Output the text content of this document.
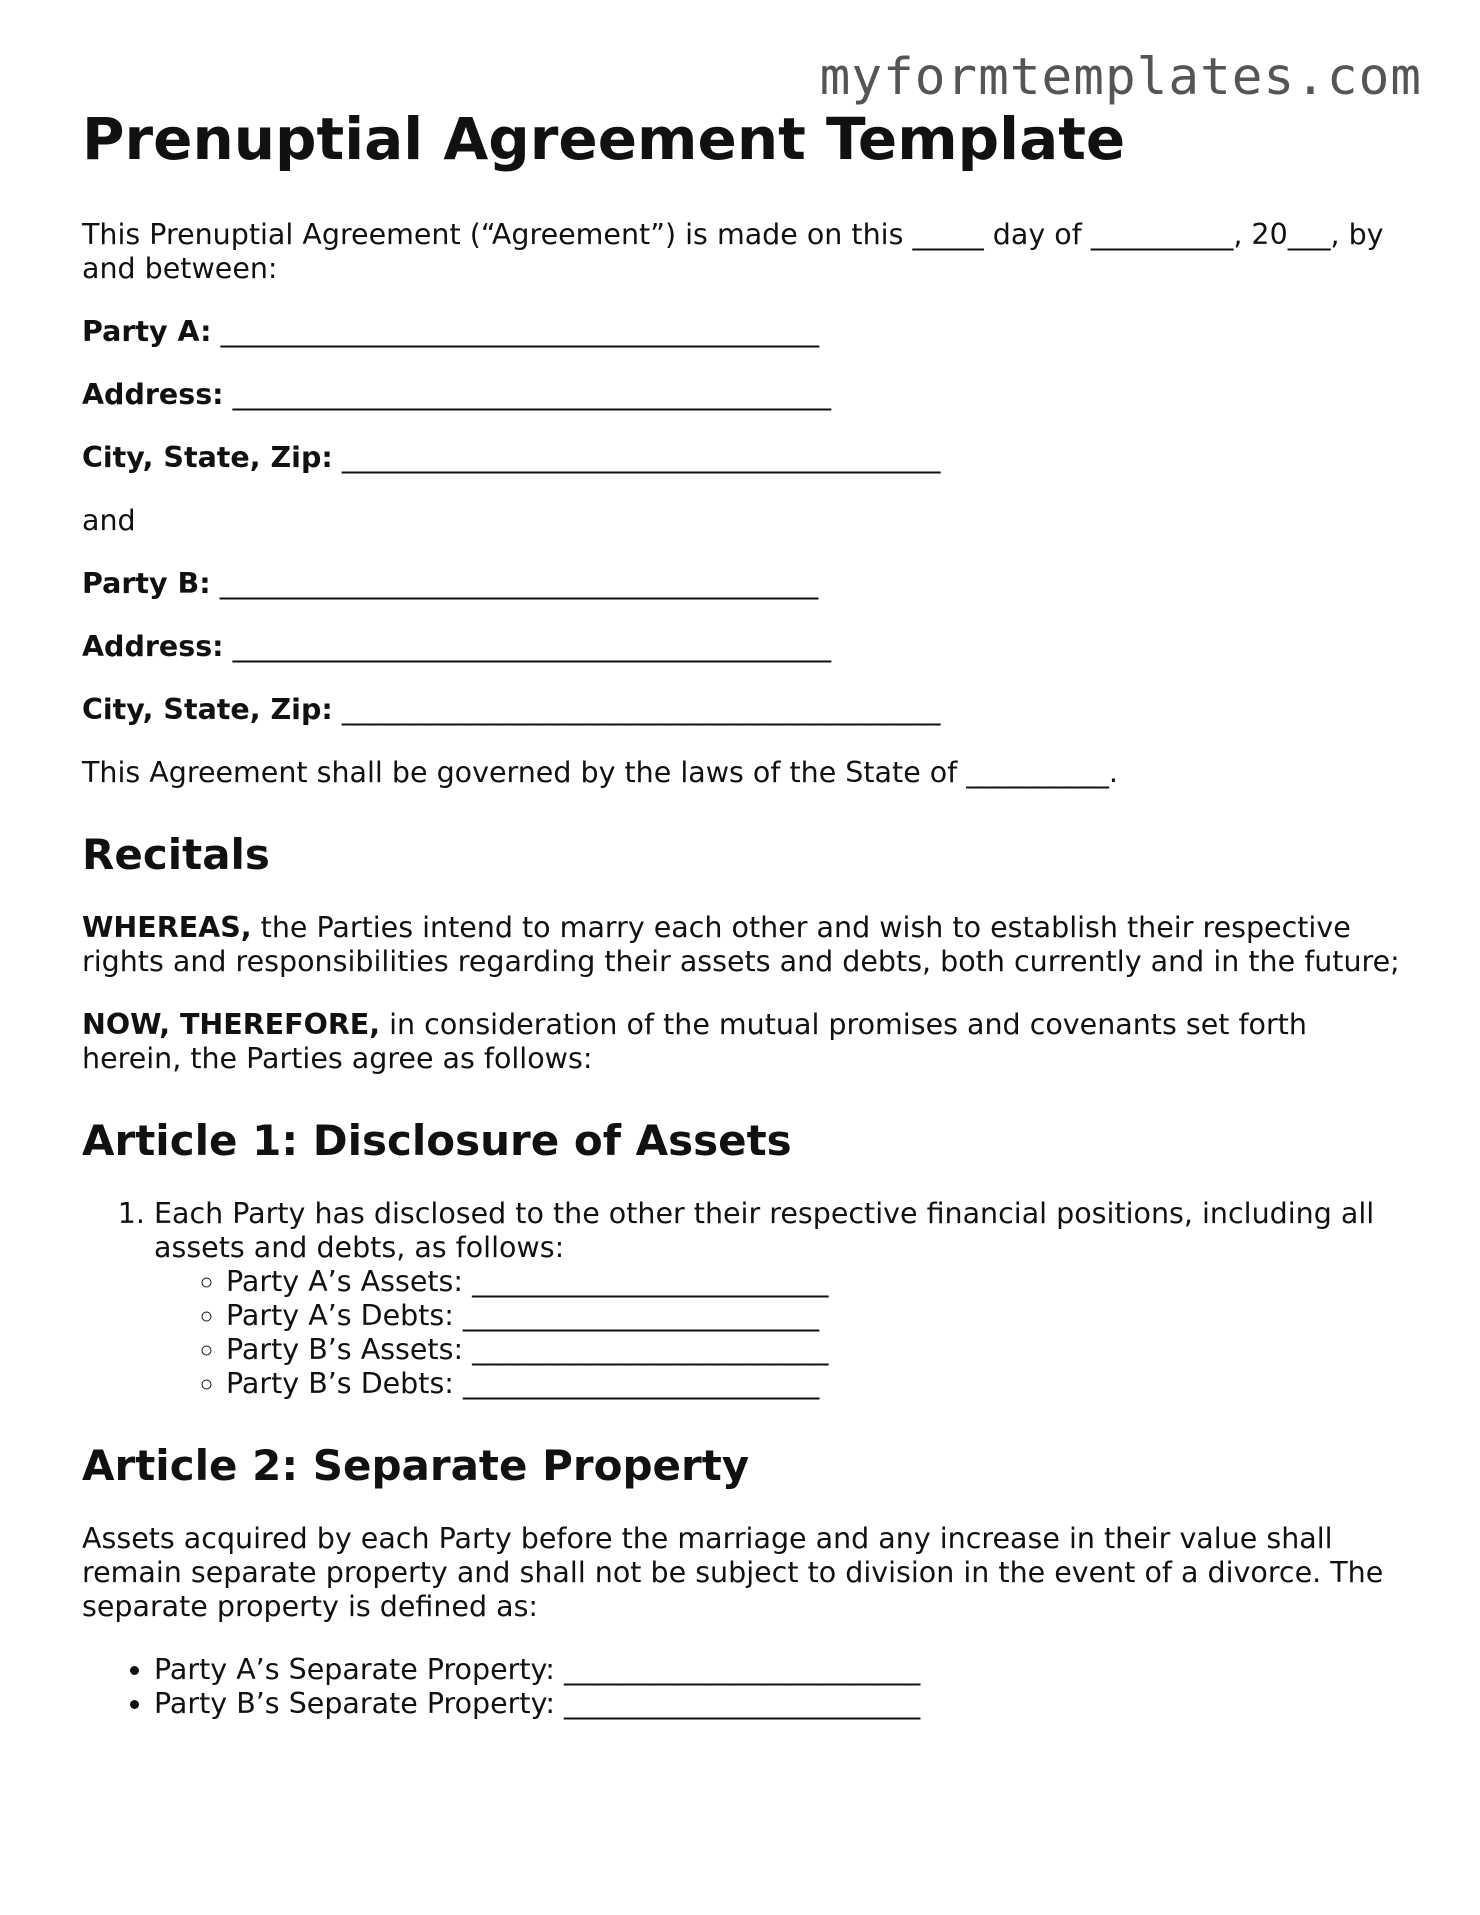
myformtemplates.com
Prenuptial Agreement Template

This Prenuptial Agreement (“Agreement”) is made on this _____ day of __________, 20___, by and between:

Party A: __________________________________________
Address: __________________________________________
City, State, Zip: __________________________________________

and

Party B: __________________________________________
Address: __________________________________________
City, State, Zip: __________________________________________

This Agreement shall be governed by the laws of the State of __________.

Recitals

WHEREAS, the Parties intend to marry each other and wish to establish their respective rights and responsibilities regarding their assets and debts, both currently and in the future;

NOW, THEREFORE, in consideration of the mutual promises and covenants set forth herein, the Parties agree as follows:

Article 1: Disclosure of Assets
1. Each Party has disclosed to the other their respective financial positions, including all assets and debts, as follows:
◦ Party A’s Assets: _________________________
◦ Party A’s Debts: _________________________
◦ Party B’s Assets: _________________________
◦ Party B’s Debts: _________________________
Article 2: Separate Property

Assets acquired by each Party before the marriage and any increase in their value shall remain separate property and shall not be subject to division in the event of a divorce. The separate property is defined as:

• Party A’s Separate Property: _________________________
• Party B’s Separate Property: _________________________
